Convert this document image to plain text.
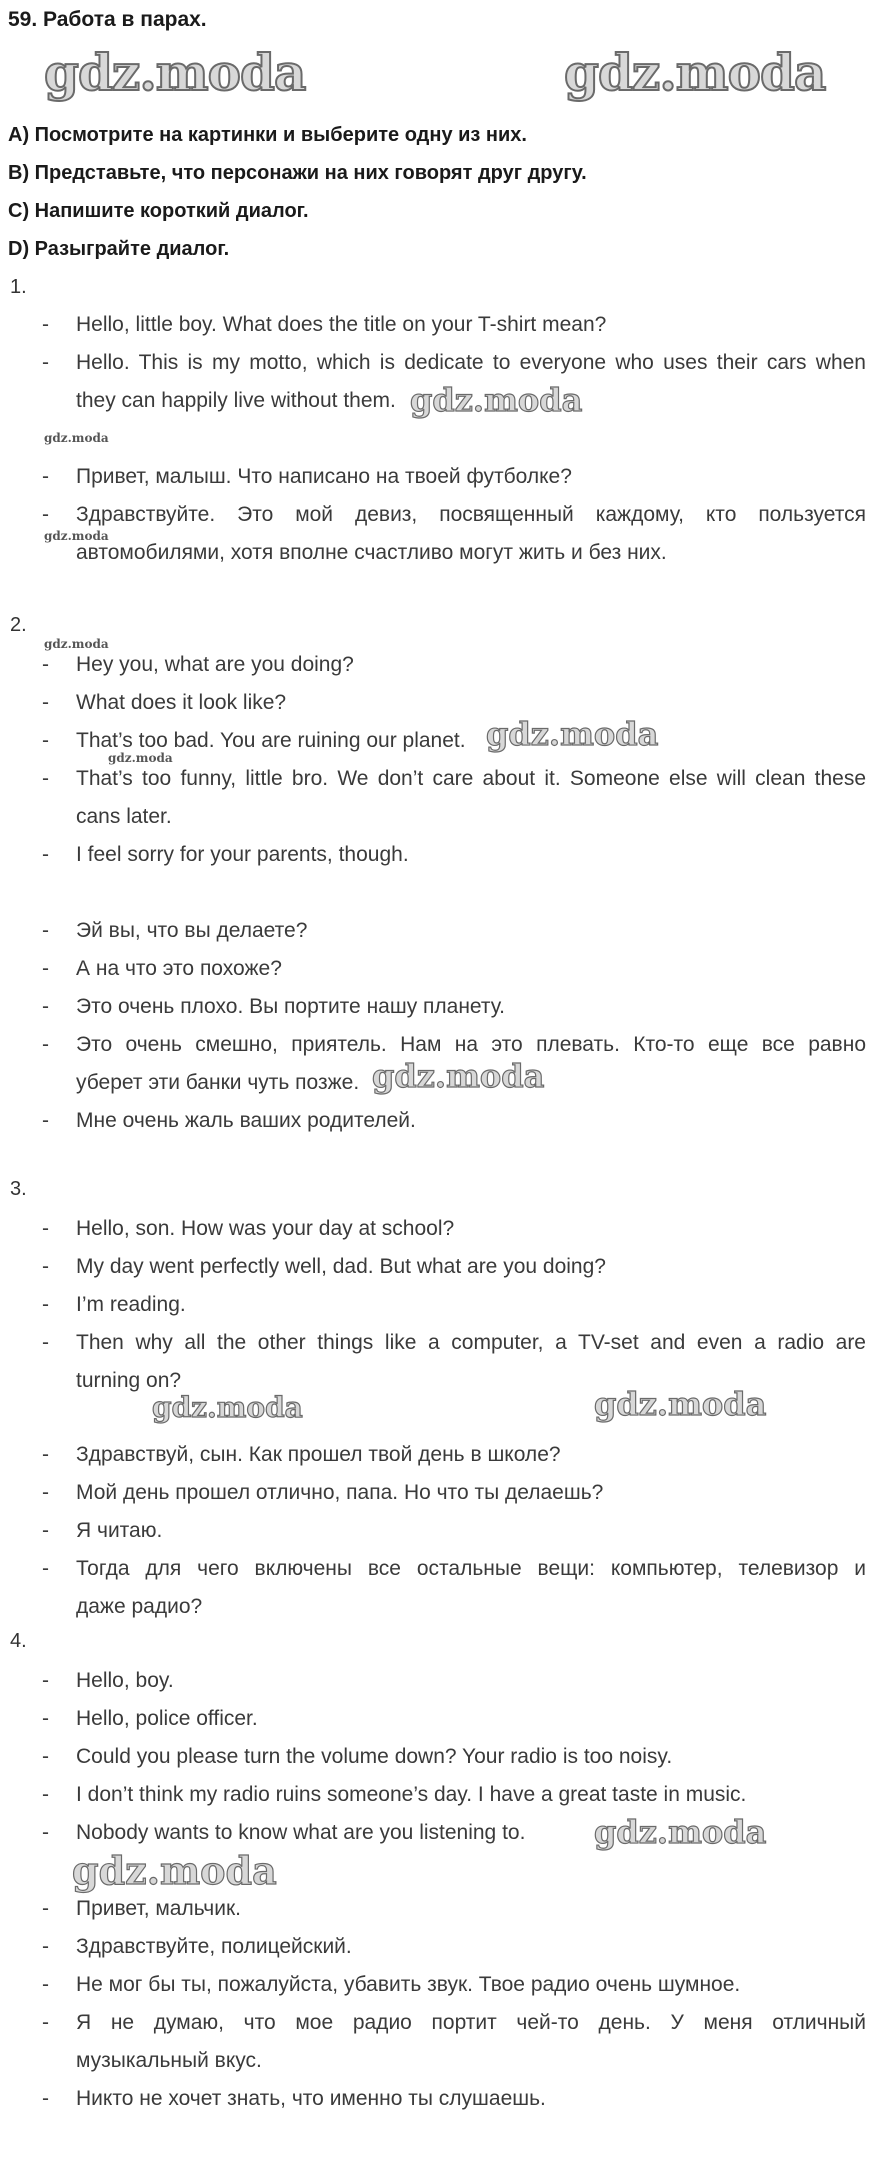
59. Работа в парах.
gdz.moda	gdz.moda
А) Посмотрите на картинки и выберите одну из них.
В) Представьте, что персонажи на них говорят друг другу.
С) Напишите короткий диалог.
D) Разыграйте диалог.
1.
- Hello, little boy. What does the title on your T-shirt mean?
- Hello. This is my motto, which is dedicate to everyone who uses their cars when
they can happily live without them. gdz.moda
gdz.moda
- Привет, малыш. Что написано на твоей футболке?
- Здравствуйте. Это мой девиз, посвященный каждому, кто пользуется
gdz.moda
автомобилями, хотя вполне счастливо могут жить и без них.
2.
gdz.moda
- Hey you, what are you doing?
- What does it look like?
- That’s too bad. You are ruining our planet. gdz.moda
gdz.moda
- That’s too funny, little bro. We don’t care about it. Someone else will clean these
cans later.
- I feel sorry for your parents, though.
- Эй вы, что вы делаете?
- А на что это похоже?
- Это очень плохо. Вы портите нашу планету.
- Это очень смешно, приятель. Нам на это плевать. Кто-то еще все равно
уберет эти банки чуть позже. gdz.moda
- Мне очень жаль ваших родителей.
3.
- Hello, son. How was your day at school?
- My day went perfectly well, dad. But what are you doing?
- I’m reading.
- Then why all the other things like a computer, a TV-set and even a radio are
turning on?
gdz.moda	gdz.moda
- Здравствуй, сын. Как прошел твой день в школе?
- Мой день прошел отлично, папа. Но что ты делаешь?
- Я читаю.
- Тогда для чего включены все остальные вещи: компьютер, телевизор и
даже радио?
4.
- Hello, boy.
- Hello, police officer.
- Could you please turn the volume down? Your radio is too noisy.
- I don’t think my radio ruins someone’s day. I have a great taste in music.
- Nobody wants to know what are you listening to.	gdz.moda
gdz.moda
- Привет, мальчик.
- Здравствуйте, полицейский.
- Не мог бы ты, пожалуйста, убавить звук. Твое радио очень шумное.
- Я не думаю, что мое радио портит чей-то день. У меня отличный
музыкальный вкус.
- Никто не хочет знать, что именно ты слушаешь.
